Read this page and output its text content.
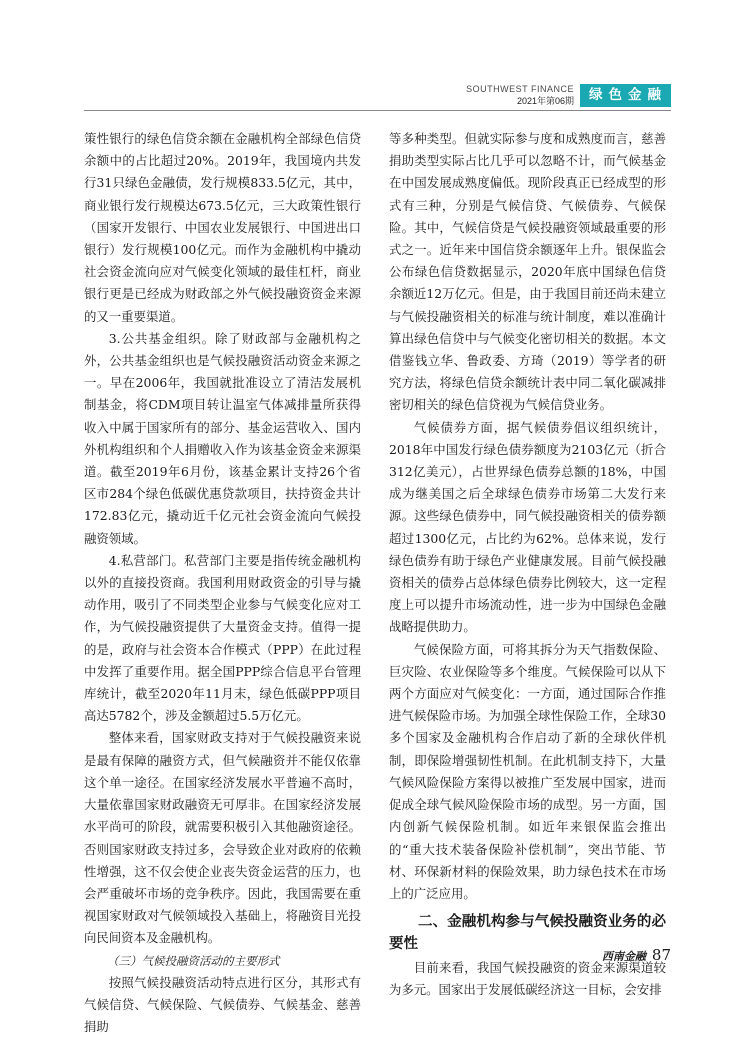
SOUTHWEST FINANCE
2021年第06期	绿色金融

策性银行的绿色信贷余额在金融机构全部绿色信贷余额中的占比超过20%。2019年，我国境内共发行31只绿色金融债，发行规模833.5亿元，其中，商业银行发行规模达673.5亿元，三大政策性银行（国家开发银行、中国农业发展银行、中国进出口银行）发行规模100亿元。而作为金融机构中撬动社会资金流向应对气候变化领域的最佳杠杆，商业银行更是已经成为财政部之外气候投融资资金来源的又一重要渠道。

3.公共基金组织。除了财政部与金融机构之外，公共基金组织也是气候投融资活动资金来源之一。早在2006年，我国就批准设立了清洁发展机制基金，将CDM项目转让温室气体减排量所获得收入中属于国家所有的部分、基金运营收入、国内外机构组织和个人捐赠收入作为该基金资金来源渠道。截至2019年6月份，该基金累计支持26个省区市284个绿色低碳优惠贷款项目，扶持资金共计172.83亿元，撬动近千亿元社会资金流向气候投融资领域。

4.私营部门。私营部门主要是指传统金融机构以外的直接投资商。我国利用财政资金的引导与撬动作用，吸引了不同类型企业参与气候变化应对工作，为气候投融资提供了大量资金支持。值得一提的是，政府与社会资本合作模式（PPP）在此过程中发挥了重要作用。据全国PPP综合信息平台管理库统计，截至2020年11月末，绿色低碳PPP项目高达5782个，涉及金额超过5.5万亿元。

整体来看，国家财政支持对于气候投融资来说是最有保障的融资方式，但气候融资并不能仅依靠这个单一途径。在国家经济发展水平普遍不高时，大量依靠国家财政融资无可厚非。在国家经济发展水平尚可的阶段，就需要积极引入其他融资途径。否则国家财政支持过多，会导致企业对政府的依赖性增强，这不仅会使企业丧失资金运营的压力，也会严重破坏市场的竞争秩序。因此，我国需要在重视国家财政对气候领域投入基础上，将融资目光投向民间资本及金融机构。

（三）气候投融资活动的主要形式

按照气候投融资活动特点进行区分，其形式有气候信贷、气候保险、气候债券、气候基金、慈善捐助

等多种类型。但就实际参与度和成熟度而言，慈善捐助类型实际占比几乎可以忽略不计，而气候基金在中国发展成熟度偏低。现阶段真正已经成型的形式有三种，分别是气候信贷、气候债券、气候保险。其中，气候信贷是气候投融资领域最重要的形式之一。近年来中国信贷余额逐年上升。银保监会公布绿色信贷数据显示，2020年底中国绿色信贷余额近12万亿元。但是，由于我国目前还尚未建立与气候投融资相关的标准与统计制度，难以准确计算出绿色信贷中与气候变化密切相关的数据。本文借鉴钱立华、鲁政委、方琦（2019）等学者的研究方法，将绿色信贷余额统计表中同二氧化碳减排密切相关的绿色信贷视为气候信贷业务。

气候债券方面，据气候债券倡议组织统计，2018年中国发行绿色债券额度为2103亿元（折合312亿美元），占世界绿色债券总额的18%，中国成为继美国之后全球绿色债券市场第二大发行来源。这些绿色债券中，同气候投融资相关的债券额超过1300亿元，占比约为62%。总体来说，发行绿色债券有助于绿色产业健康发展。目前气候投融资相关的债券占总体绿色债券比例较大，这一定程度上可以提升市场流动性，进一步为中国绿色金融战略提供助力。

气候保险方面，可将其拆分为天气指数保险、巨灾险、农业保险等多个维度。气候保险可以从下两个方面应对气候变化：一方面，通过国际合作推进气候保险市场。为加强全球性保险工作，全球30多个国家及金融机构合作启动了新的全球伙伴机制，即保险增强韧性机制。在此机制支持下，大量气候风险保险方案得以被推广至发展中国家，进而促成全球气候风险保险市场的成型。另一方面，国内创新气候保险机制。如近年来银保监会推出的“重大技术装备保险补偿机制”，突出节能、节材、环保新材料的保险效果，助力绿色技术在市场上的广泛应用。

二、金融机构参与气候投融资业务的必要性

目前来看，我国气候投融资的资金来源渠道较为多元。国家出于发展低碳经济这一目标，会安排

西南金融 87
